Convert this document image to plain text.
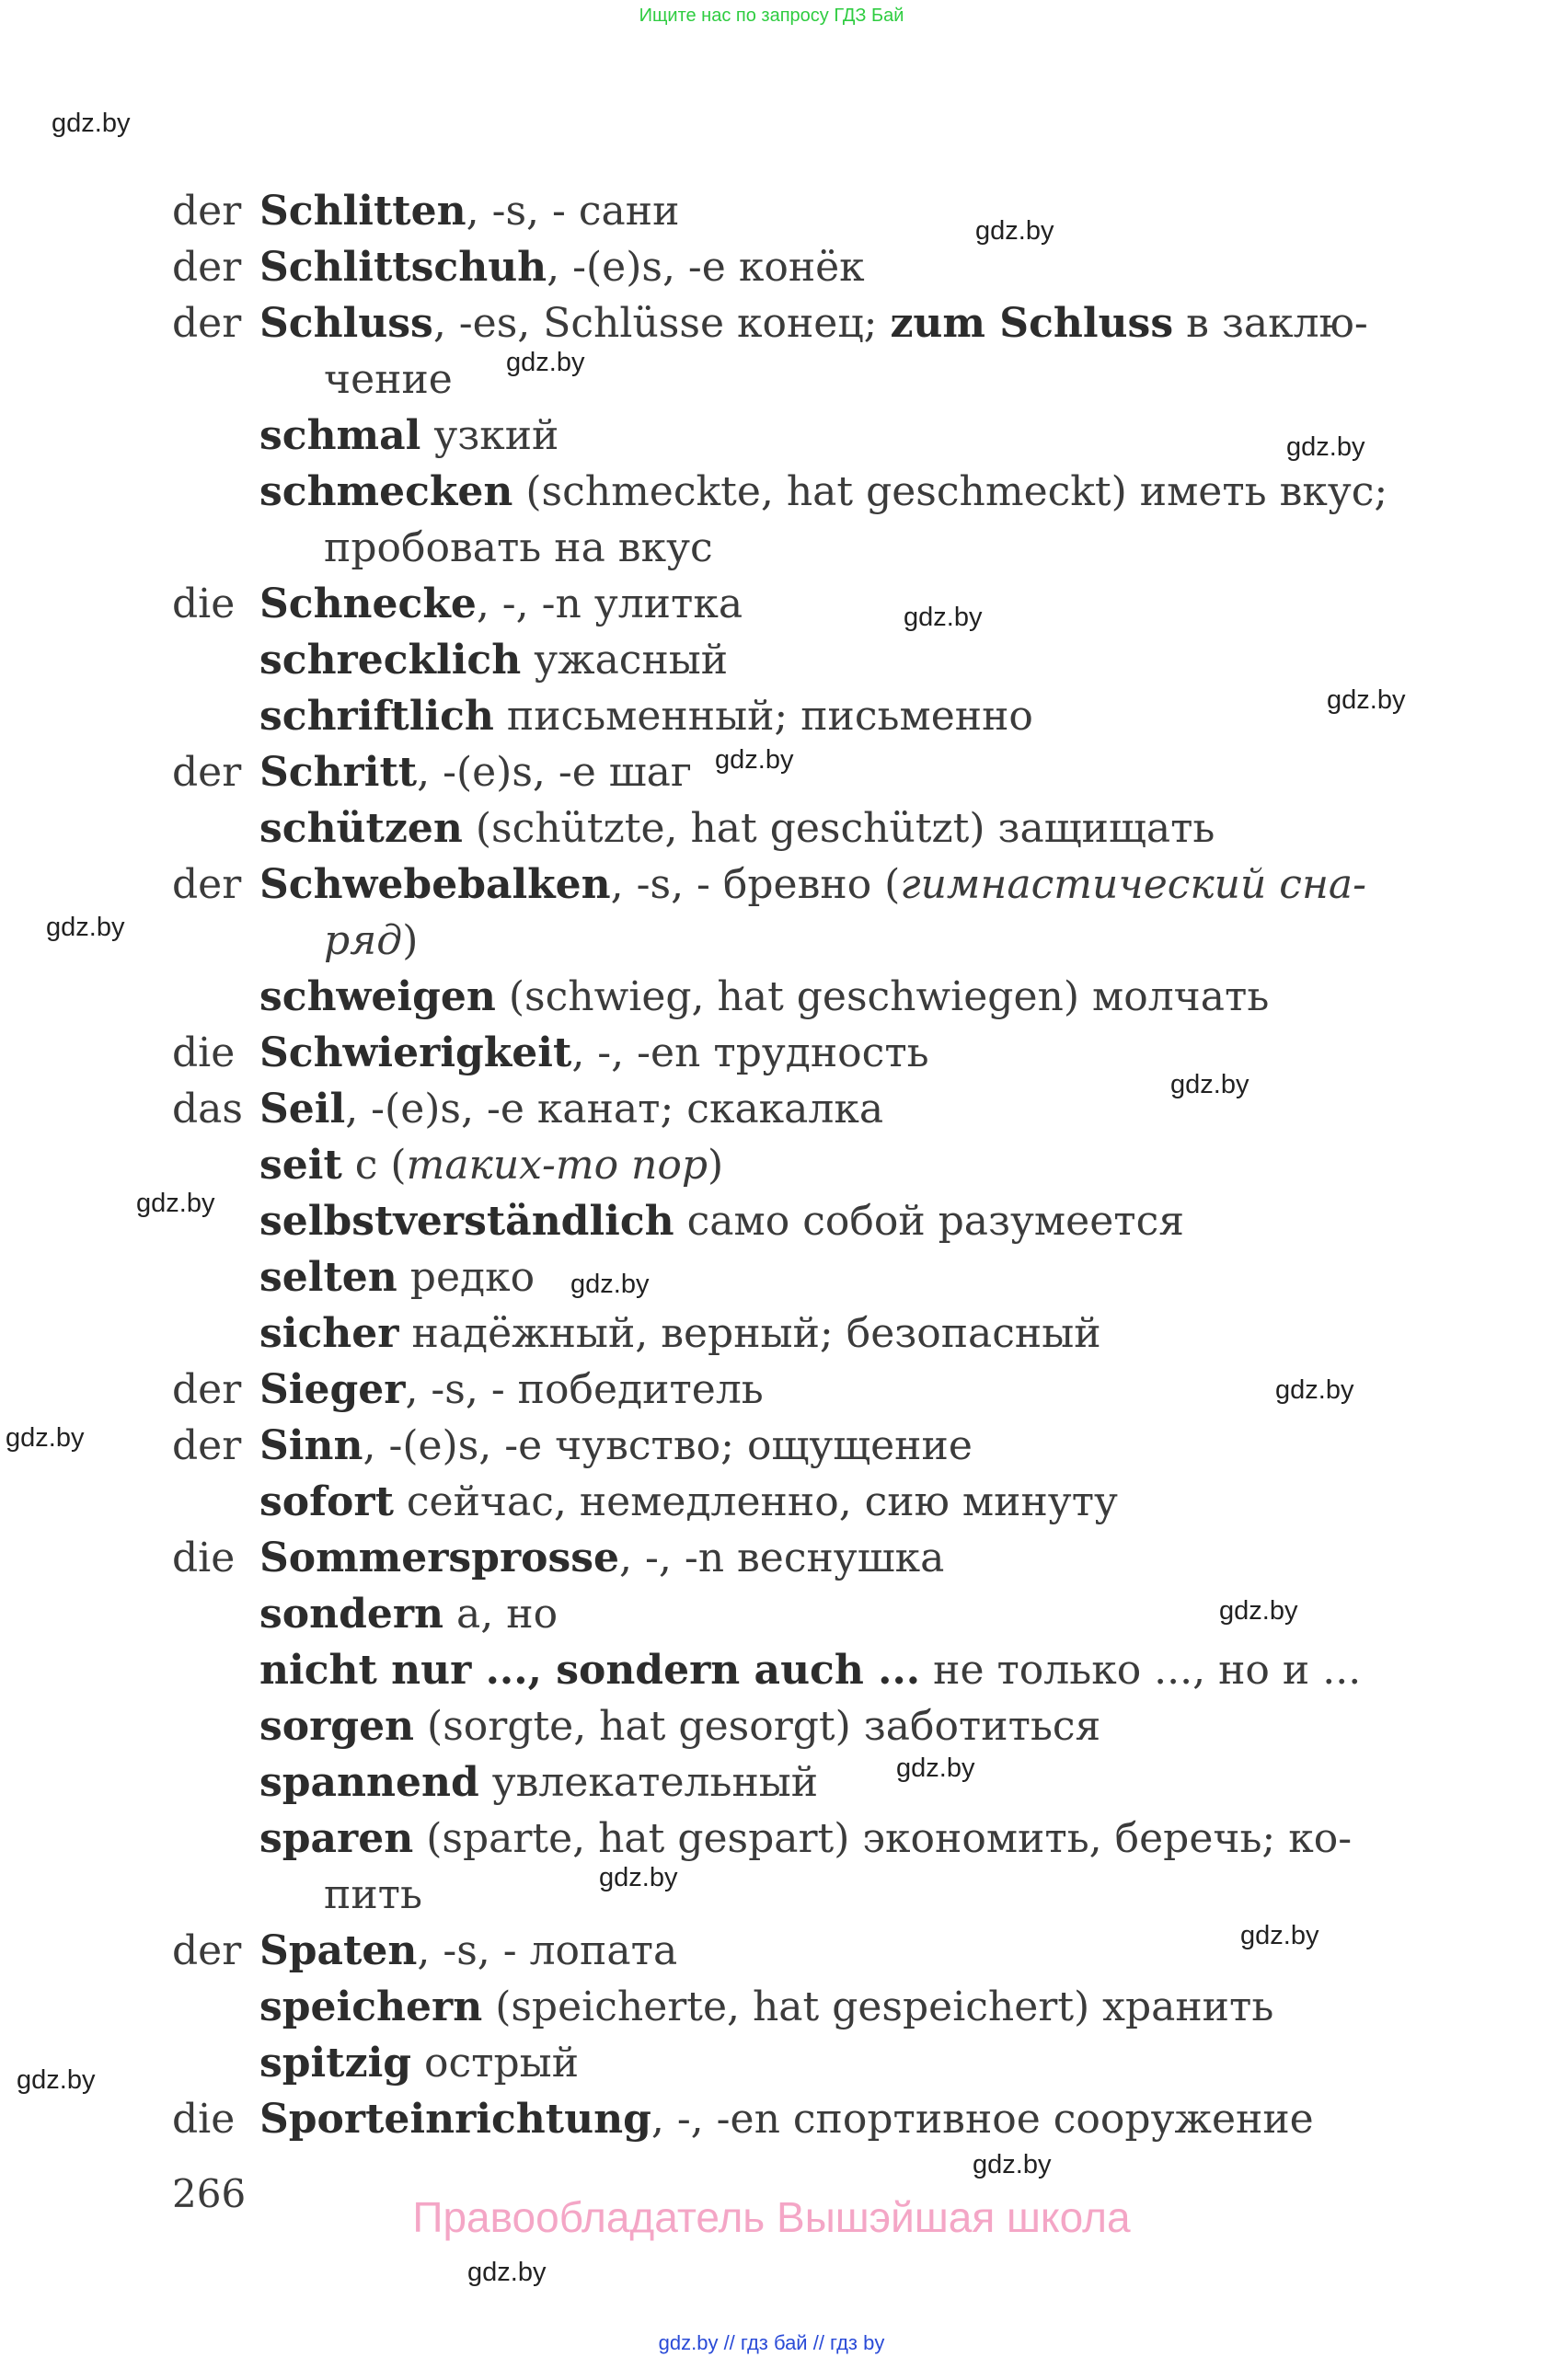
Ищите нас по запросу ГДЗ Бай
der Schlitten, -s, - сани
der Schlittschuh, -(e)s, -e конёк
der Schluss, -es, Schlüsse конец; zum Schluss в заклю-
чение
schmal узкий
schmecken (schmeckte, hat geschmeckt) иметь вкус;
пробовать на вкус
die Schnecke, -, -n улитка
schrecklich ужасный
schriftlich письменный; письменно
der Schritt, -(e)s, -e шаг
schützen (schützte, hat geschützt) защищать
der Schwebebalken, -s, - бревно (гимнастический сна-
ряд)
schweigen (schwieg, hat geschwiegen) молчать
die Schwierigkeit, -, -en трудность
das Seil, -(e)s, -e канат; скакалка
seit с (таких-то пор)
selbstverständlich само собой разумеется
selten редко
sicher надёжный, верный; безопасный
der Sieger, -s, - победитель
der Sinn, -(e)s, -e чувство; ощущение
sofort сейчас, немедленно, сию минуту
die Sommersprosse, -, -n веснушка
sondern а, но
nicht nur ..., sondern auch ... не только ..., но и ...
sorgen (sorgte, hat gesorgt) заботиться
spannend увлекательный
sparen (sparte, hat gespart) экономить, беречь; ко-
пить
der Spaten, -s, - лопата
speichern (speicherte, hat gespeichert) хранить
spitzig острый
die Sporteinrichtung, -, -en спортивное сооружение
266	Правообладатель Вышэйшая школа
gdz.by // гдз бай // гдз by
gdz.by
gdz.by
gdz.by
gdz.by
gdz.by
gdz.by
gdz.by
gdz.by
gdz.by
gdz.by
gdz.by
gdz.by
gdz.by
gdz.by
gdz.by
gdz.by
gdz.by
gdz.by
gdz.by
gdz.by
